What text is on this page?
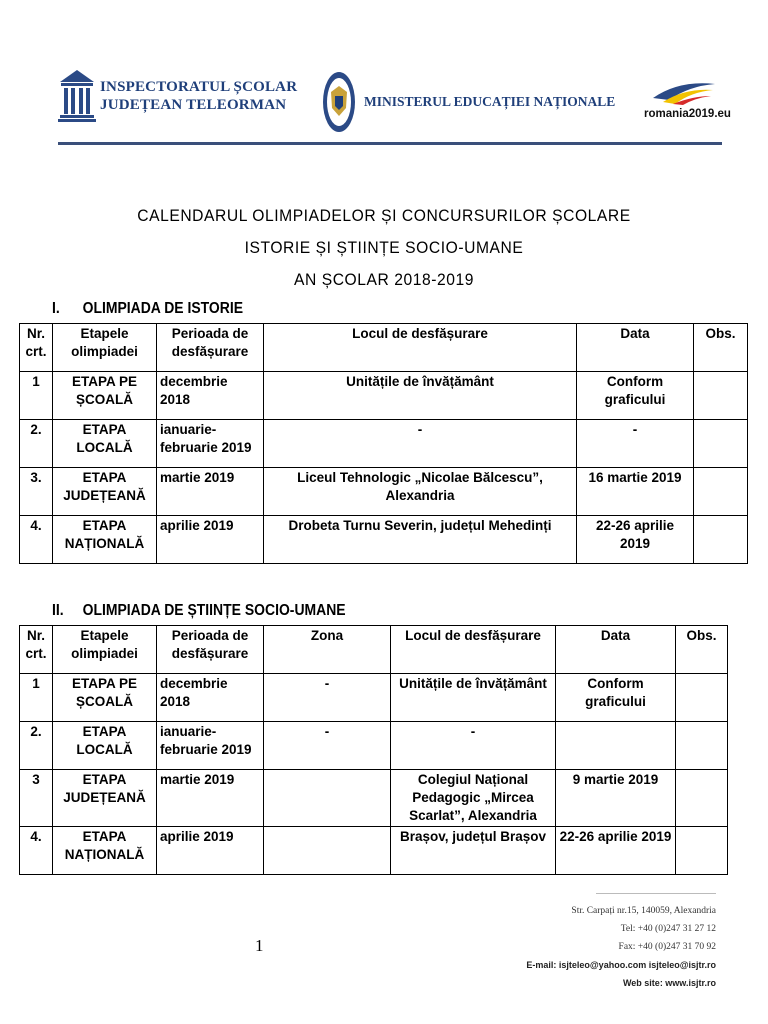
INSPECTORATUL ȘCOLAR
JUDEȚEAN TELEORMAN	MINISTERUL EDUCAȚIEI NAȚIONALE
romania2019.eu
CALENDARUL OLIMPIADELOR ȘI CONCURSURILOR ȘCOLARE
ISTORIE ȘI ȘTIINȚE SOCIO-UMANE
AN ȘCOLAR 2018-2019
I. OLIMPIADA DE ISTORIE
Nr. crt.	Etapele olimpiadei	Perioada de desfășurare	Locul de desfășurare	Data	Obs.
1	ETAPA PE ȘCOALĂ	decembrie 2018	Unitățile de învățământ	Conform graficului	
2.	ETAPA LOCALĂ	ianuarie-februarie 2019	-	-	
3.	ETAPA JUDEȚEANĂ	martie 2019	Liceul Tehnologic „Nicolae Bălcescu”, Alexandria	16 martie 2019	
4.	ETAPA NAȚIONALĂ	aprilie 2019	Drobeta Turnu Severin, județul Mehedinți	22-26 aprilie 2019	
II. OLIMPIADA DE ȘTIINȚE SOCIO-UMANE
Nr. crt.	Etapele olimpiadei	Perioada de desfășurare	Zona	Locul de desfășurare	Data	Obs.
1	ETAPA PE ȘCOALĂ	decembrie 2018	-	Unitățile de învățământ	Conform graficului	
2.	ETAPA LOCALĂ	ianuarie-februarie 2019	-	-		
3	ETAPA JUDEȚEANĂ	martie 2019		Colegiul Național Pedagogic „Mircea Scarlat”, Alexandria	9 martie 2019	
4.	ETAPA NAȚIONALĂ	aprilie 2019		Brașov, județul Brașov	22-26 aprilie 2019	
1
Str. Carpați nr.15, 140059, Alexandria
Tel: +40 (0)247 31 27 12
Fax: +40 (0)247 31 70 92
E-mail: isjteleo@yahoo.com isjteleo@isjtr.ro
Web site: www.isjtr.ro
